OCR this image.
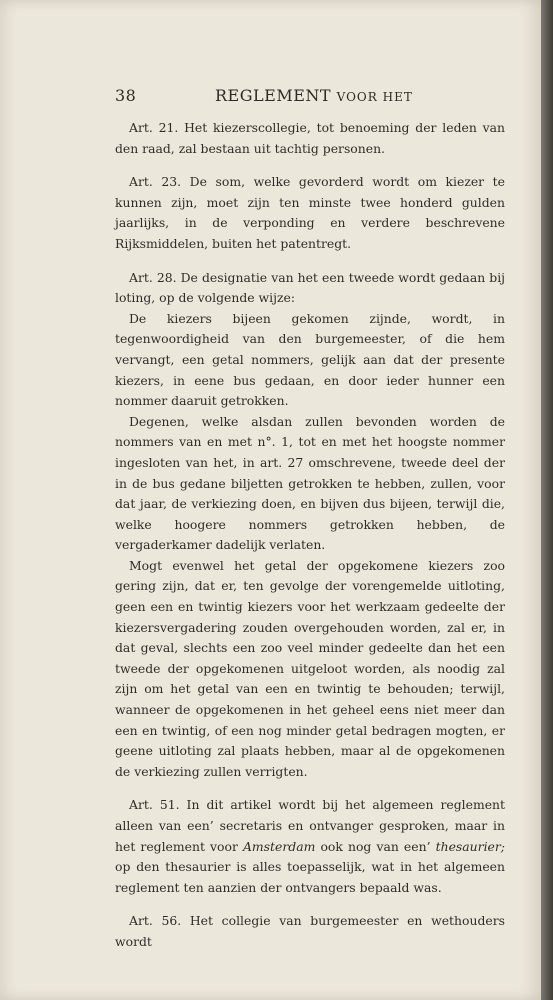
38	REGLEMENT VOOR HET

Art. 21. Het kiezerscollegie, tot benoeming der leden van den raad, zal bestaan uit tachtig personen.

Art. 23. De som, welke gevorderd wordt om kiezer te kunnen zijn, moet zijn ten minste twee honderd gulden jaarlijks, in de verponding en verdere beschrevene Rijksmiddelen, buiten het patentregt.

Art. 28. De designatie van het een tweede wordt gedaan bij loting, op de volgende wijze:

De kiezers bijeen gekomen zijnde, wordt, in tegenwoordigheid van den burgemeester, of die hem vervangt, een getal nommers, gelijk aan dat der presente kiezers, in eene bus gedaan, en door ieder hunner een nommer daaruit getrokken.

Degenen, welke alsdan zullen bevonden worden de nommers van en met n°. 1, tot en met het hoogste nommer ingesloten van het, in art. 27 omschrevene, tweede deel der in de bus gedane biljetten getrokken te hebben, zullen, voor dat jaar, de verkiezing doen, en bijven dus bijeen, terwijl die, welke hoogere nommers getrokken hebben, de vergaderkamer dadelijk verlaten.

Mogt evenwel het getal der opgekomene kiezers zoo gering zijn, dat er, ten gevolge der vorengemelde uitloting, geen een en twintig kiezers voor het werkzaam gedeelte der kiezersvergadering zouden overgehouden worden, zal er, in dat geval, slechts een zoo veel minder gedeelte dan het een tweede der opgekomenen uitgeloot worden, als noodig zal zijn om het getal van een en twintig te behouden; terwijl, wanneer de opgekomenen in het geheel eens niet meer dan een en twintig, of een nog minder getal bedragen mogten, er geene uitloting zal plaats hebben, maar al de opgekomenen de verkiezing zullen verrigten.

Art. 51. In dit artikel wordt bij het algemeen reglement alleen van een’ secretaris en ontvanger gesproken, maar in het reglement voor Amsterdam ook nog van een’ thesaurier; op den thesaurier is alles toepasselijk, wat in het algemeen reglement ten aanzien der ontvangers bepaald was.

Art. 56. Het collegie van burgemeester en wethouders wordt
